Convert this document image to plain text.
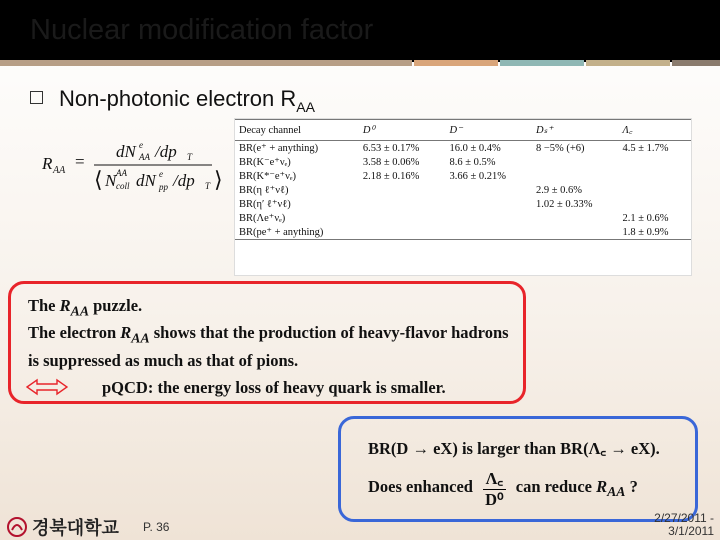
Nuclear modification factor
Non-photonic electron $R_{AA}$
R AA =
dN e
AA /dp T
⟨ N AA
coll dN e
pp /dp T ⟩
Decay channel	D⁰	D⁻	Dₛ⁺	Λ꜀
BR(e⁺ + anything)	6.53 ± 0.17%	16.0 ± 0.4%	8 −5% (+6)	4.5 ± 1.7%
BR(K⁻e⁺νₑ)	3.58 ± 0.06%	8.6 ± 0.5%		
BR(K*⁻e⁺νₑ)	2.18 ± 0.16%	3.66 ± 0.21%		
BR(η ℓ⁺νℓ)			2.9 ± 0.6%	
BR(η′ ℓ⁺νℓ)			1.02 ± 0.33%	
BR(Λe⁺νₑ)				2.1 ± 0.6%
BR(pe⁺ + anything)				1.8 ± 0.9%
The $R_{AA}$ puzzle.
The electron $R_{AA}$ shows that the production of heavy-flavor hadrons
is suppressed as much as that of pions.
pQCD: the energy loss of heavy quark is smaller.
BR(D → eX) is larger than BR(Λ꜀ → eX).
Does enhanced $\frac{\Lambda꜀}{\text{D⁰}}$ can reduce $R_{AA}$ ?
경북대학교 P. 36
2/27/2011 -
3/1/2011
